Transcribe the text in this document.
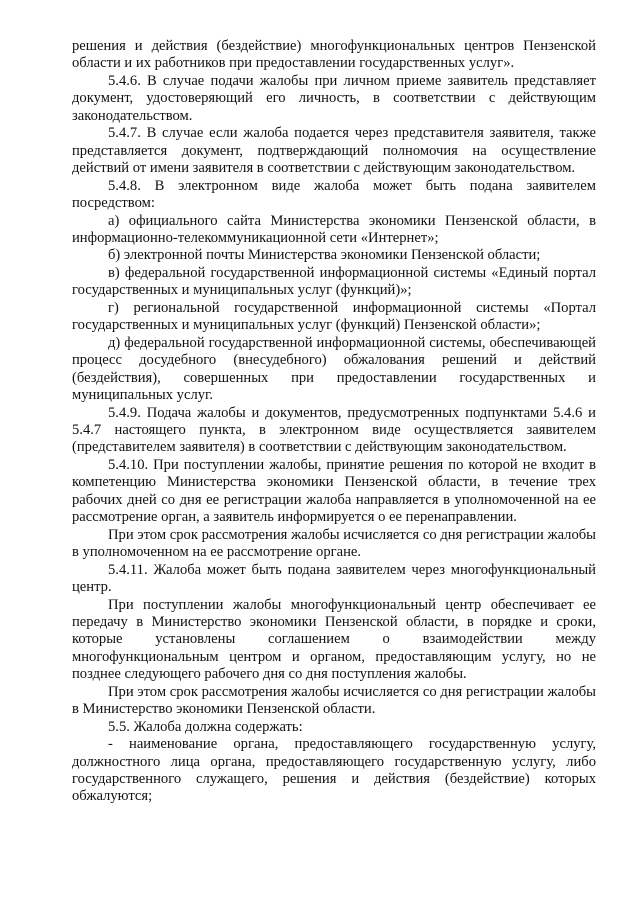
решения и действия (бездействие) многофункциональных центров Пензенской области и их работников при предоставлении государственных услуг».

5.4.6. В случае подачи жалобы при личном приеме заявитель представляет документ, удостоверяющий его личность, в соответствии с действующим законодательством.

5.4.7. В случае если жалоба подается через представителя заявителя, также представляется документ, подтверждающий полномочия на осуществление действий от имени заявителя в соответствии с действующим законодательством.

5.4.8. В электронном виде жалоба может быть подана заявителем посредством:

а) официального сайта Министерства экономики Пензенской области, в информационно-телекоммуникационной сети «Интернет»;

б) электронной почты Министерства экономики Пензенской области;

в) федеральной государственной информационной системы «Единый портал государственных и муниципальных услуг (функций)»;

г) региональной государственной информационной системы «Портал государственных и муниципальных услуг (функций) Пензенской области»;

д) федеральной государственной информационной системы, обеспечивающей процесс досудебного (внесудебного) обжалования решений и действий (бездействия), совершенных при предоставлении государственных и муниципальных услуг.

5.4.9. Подача жалобы и документов, предусмотренных подпунктами 5.4.6 и 5.4.7 настоящего пункта, в электронном виде осуществляется заявителем (представителем заявителя) в соответствии с действующим законодательством.

5.4.10. При поступлении жалобы, принятие решения по которой не входит в компетенцию Министерства экономики Пензенской области, в течение трех рабочих дней со дня ее регистрации жалоба направляется в уполномоченной на ее рассмотрение орган, а заявитель информируется о ее перенаправлении.

При этом срок рассмотрения жалобы исчисляется со дня регистрации жалобы в уполномоченном на ее рассмотрение органе.

5.4.11. Жалоба может быть подана заявителем через многофункциональный центр.

При поступлении жалобы многофункциональный центр обеспечивает ее передачу в Министерство экономики Пензенской области, в порядке и сроки, которые установлены соглашением о взаимодействии между многофункциональным центром и органом, предоставляющим услугу, но не позднее следующего рабочего дня со дня поступления жалобы.

При этом срок рассмотрения жалобы исчисляется со дня регистрации жалобы в Министерство экономики Пензенской области.

5.5. Жалоба должна содержать:

- наименование органа, предоставляющего государственную услугу, должностного лица органа, предоставляющего государственную услугу, либо государственного служащего, решения и действия (бездействие) которых обжалуются;
